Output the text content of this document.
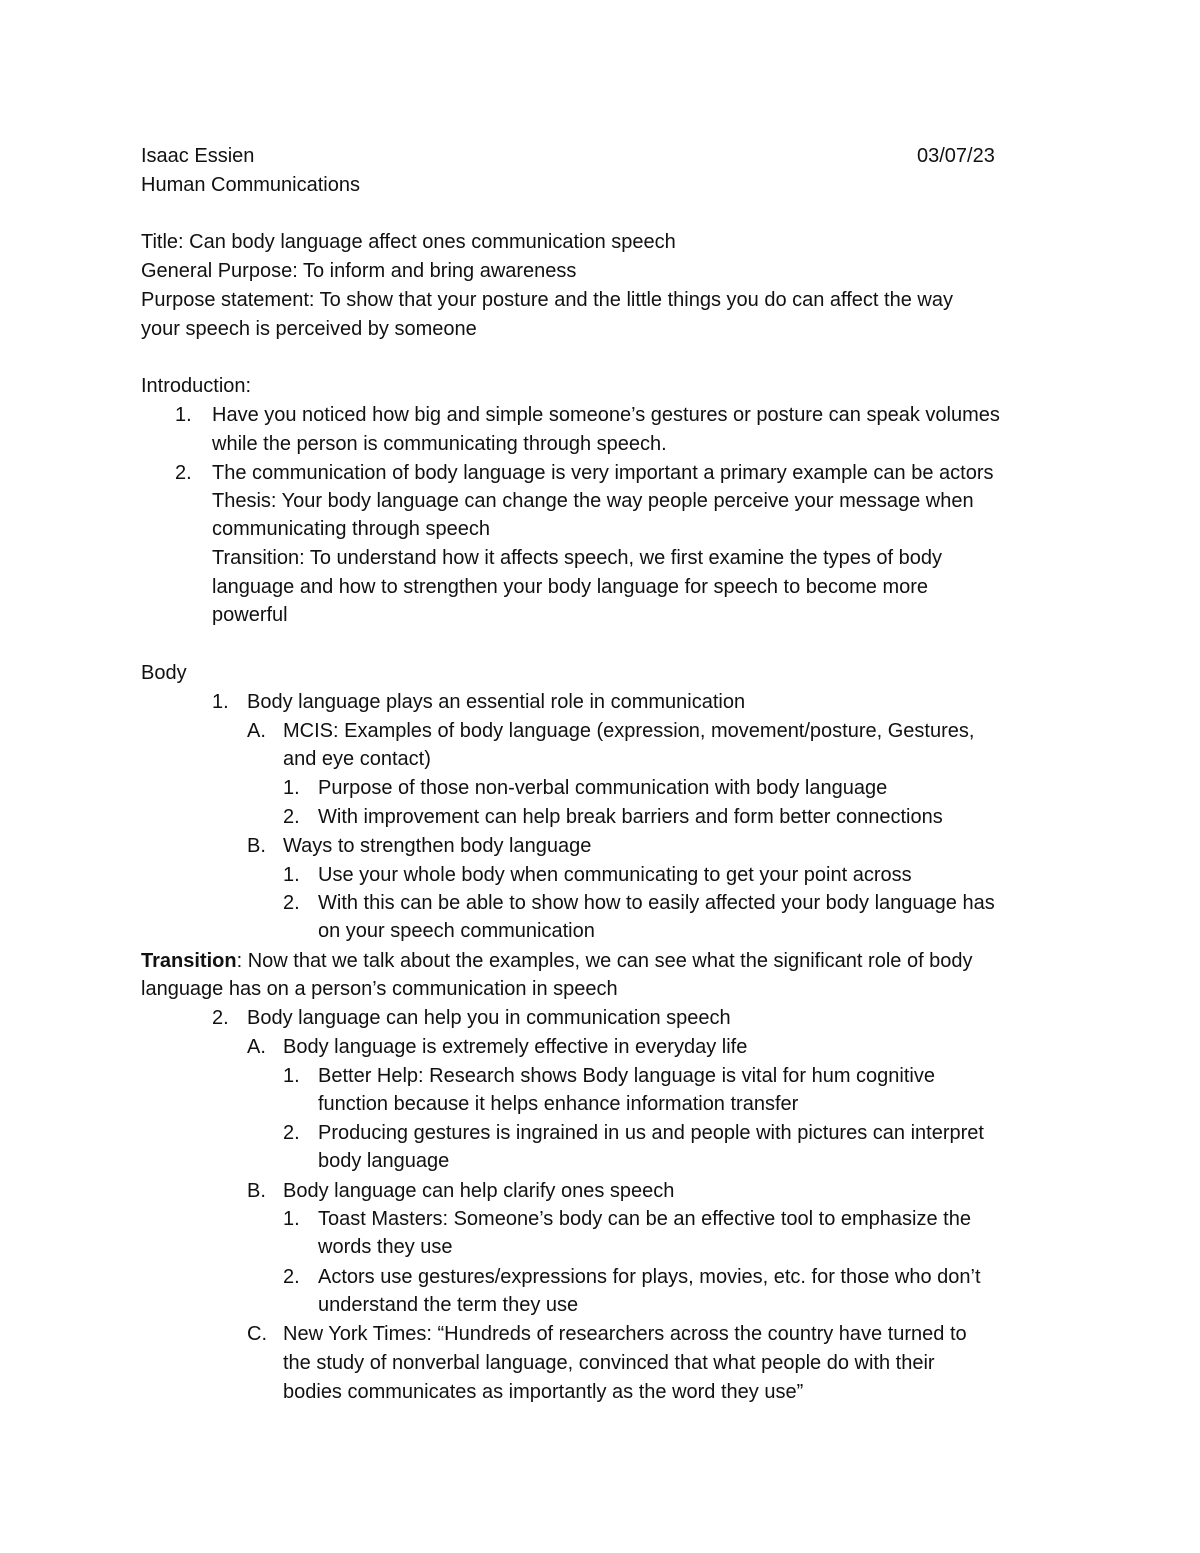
Isaac Essien	03/07/23
Human Communications
Title: Can body language affect ones communication speech
General Purpose: To inform and bring awareness
Purpose statement: To show that your posture and the little things you do can affect the way
your speech is perceived by someone
Introduction:
1. Have you noticed how big and simple someone’s gestures or posture can speak volumes
while the person is communicating through speech.
2. The communication of body language is very important a primary example can be actors
Thesis: Your body language can change the way people perceive your message when
communicating through speech
Transition: To understand how it affects speech, we first examine the types of body
language and how to strengthen your body language for speech to become more
powerful
Body
1. Body language plays an essential role in communication
A. MCIS: Examples of body language (expression, movement/posture, Gestures,
and eye contact)
1. Purpose of those non-verbal communication with body language
2. With improvement can help break barriers and form better connections
B. Ways to strengthen body language
1. Use your whole body when communicating to get your point across
2. With this can be able to show how to easily affected your body language has
on your speech communication
Transition: Now that we talk about the examples, we can see what the significant role of body
language has on a person’s communication in speech
2. Body language can help you in communication speech
A. Body language is extremely effective in everyday life
1. Better Help: Research shows Body language is vital for hum cognitive
function because it helps enhance information transfer
2. Producing gestures is ingrained in us and people with pictures can interpret
body language
B. Body language can help clarify ones speech
1. Toast Masters: Someone’s body can be an effective tool to emphasize the
words they use
2. Actors use gestures/expressions for plays, movies, etc. for those who don’t
understand the term they use
C. New York Times: “Hundreds of researchers across the country have turned to
the study of nonverbal language, convinced that what people do with their
bodies communicates as importantly as the word they use”
